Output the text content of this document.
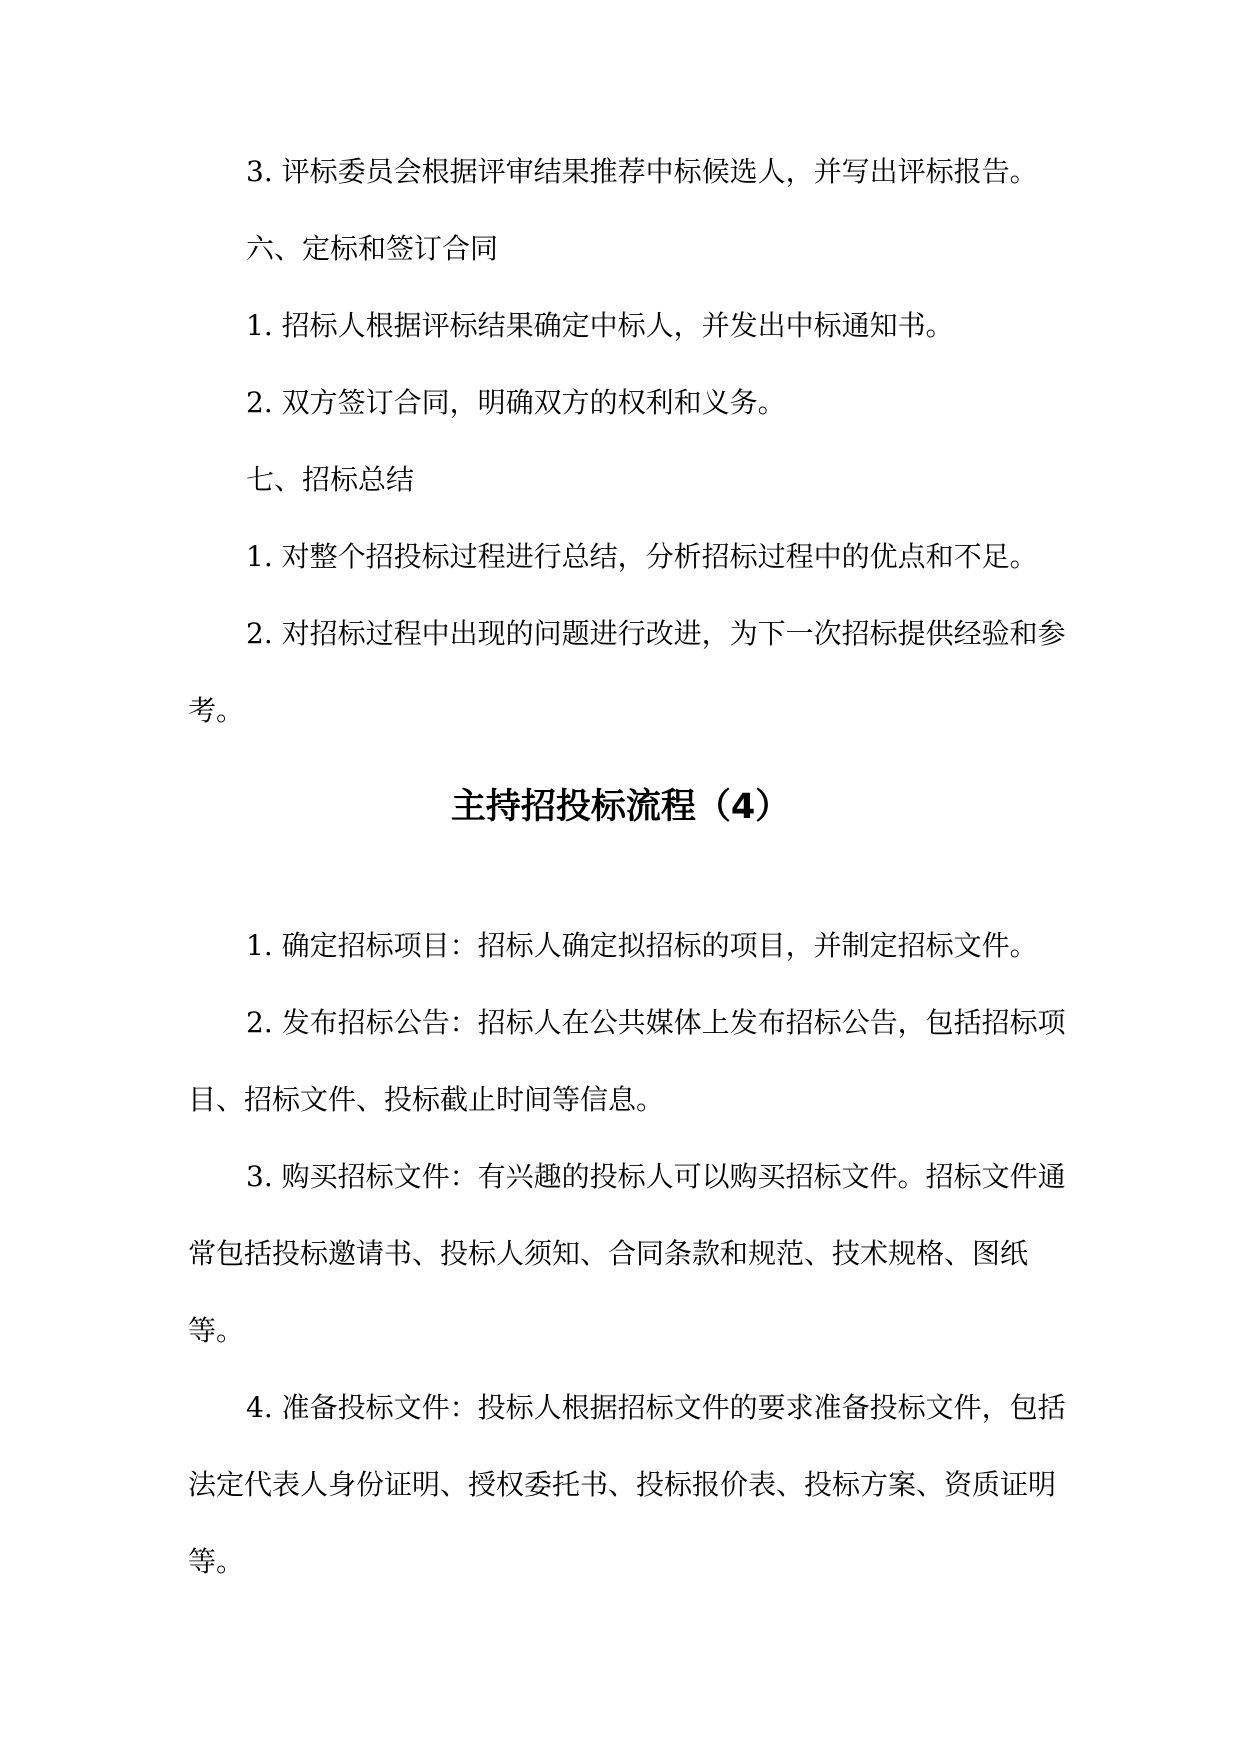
3. 评标委员会根据评审结果推荐中标候选人，并写出评标报告。

六、定标和签订合同

1. 招标人根据评标结果确定中标人，并发出中标通知书。

2. 双方签订合同，明确双方的权利和义务。

七、招标总结

1. 对整个招投标过程进行总结，分析招标过程中的优点和不足。

2. 对招标过程中出现的问题进行改进，为下一次招标提供经验和参考。

主持招投标流程（4）

1. 确定招标项目：招标人确定拟招标的项目，并制定招标文件。

2. 发布招标公告：招标人在公共媒体上发布招标公告，包括招标项目、招标文件、投标截止时间等信息。

3. 购买招标文件：有兴趣的投标人可以购买招标文件。招标文件通常包括投标邀请书、投标人须知、合同条款和规范、技术规格、图纸等。

4. 准备投标文件：投标人根据招标文件的要求准备投标文件，包括法定代表人身份证明、授权委托书、投标报价表、投标方案、资质证明等。
